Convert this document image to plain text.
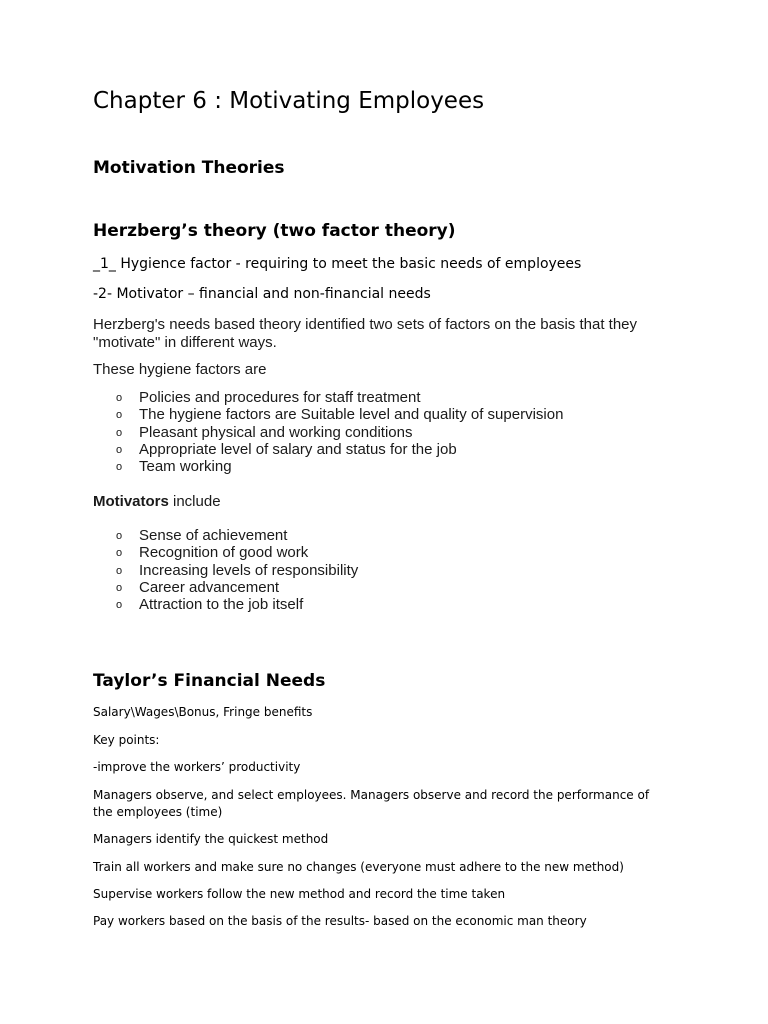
Chapter 6 : Motivating Employees
Motivation Theories
Herzberg’s theory (two factor theory)
_1_ Hygience factor - requiring to meet the basic needs of employees
-2- Motivator – financial and non-financial needs
Herzberg's needs based theory identified two sets of factors on the basis that they
"motivate" in different ways.
These hygiene factors are
o Policies and procedures for staff treatment
o The hygiene factors are Suitable level and quality of supervision
o Pleasant physical and working conditions
o Appropriate level of salary and status for the job
o Team working
Motivators include
o Sense of achievement
o Recognition of good work
o Increasing levels of responsibility
o Career advancement
o Attraction to the job itself
Taylor’s Financial Needs
Salary\Wages\Bonus, Fringe benefits
Key points:
-improve the workers’ productivity
Managers observe, and select employees. Managers observe and record the performance of the employees (time)
Managers identify the quickest method
Train all workers and make sure no changes (everyone must adhere to the new method)
Supervise workers follow the new method and record the time taken
Pay workers based on the basis of the results- based on the economic man theory
